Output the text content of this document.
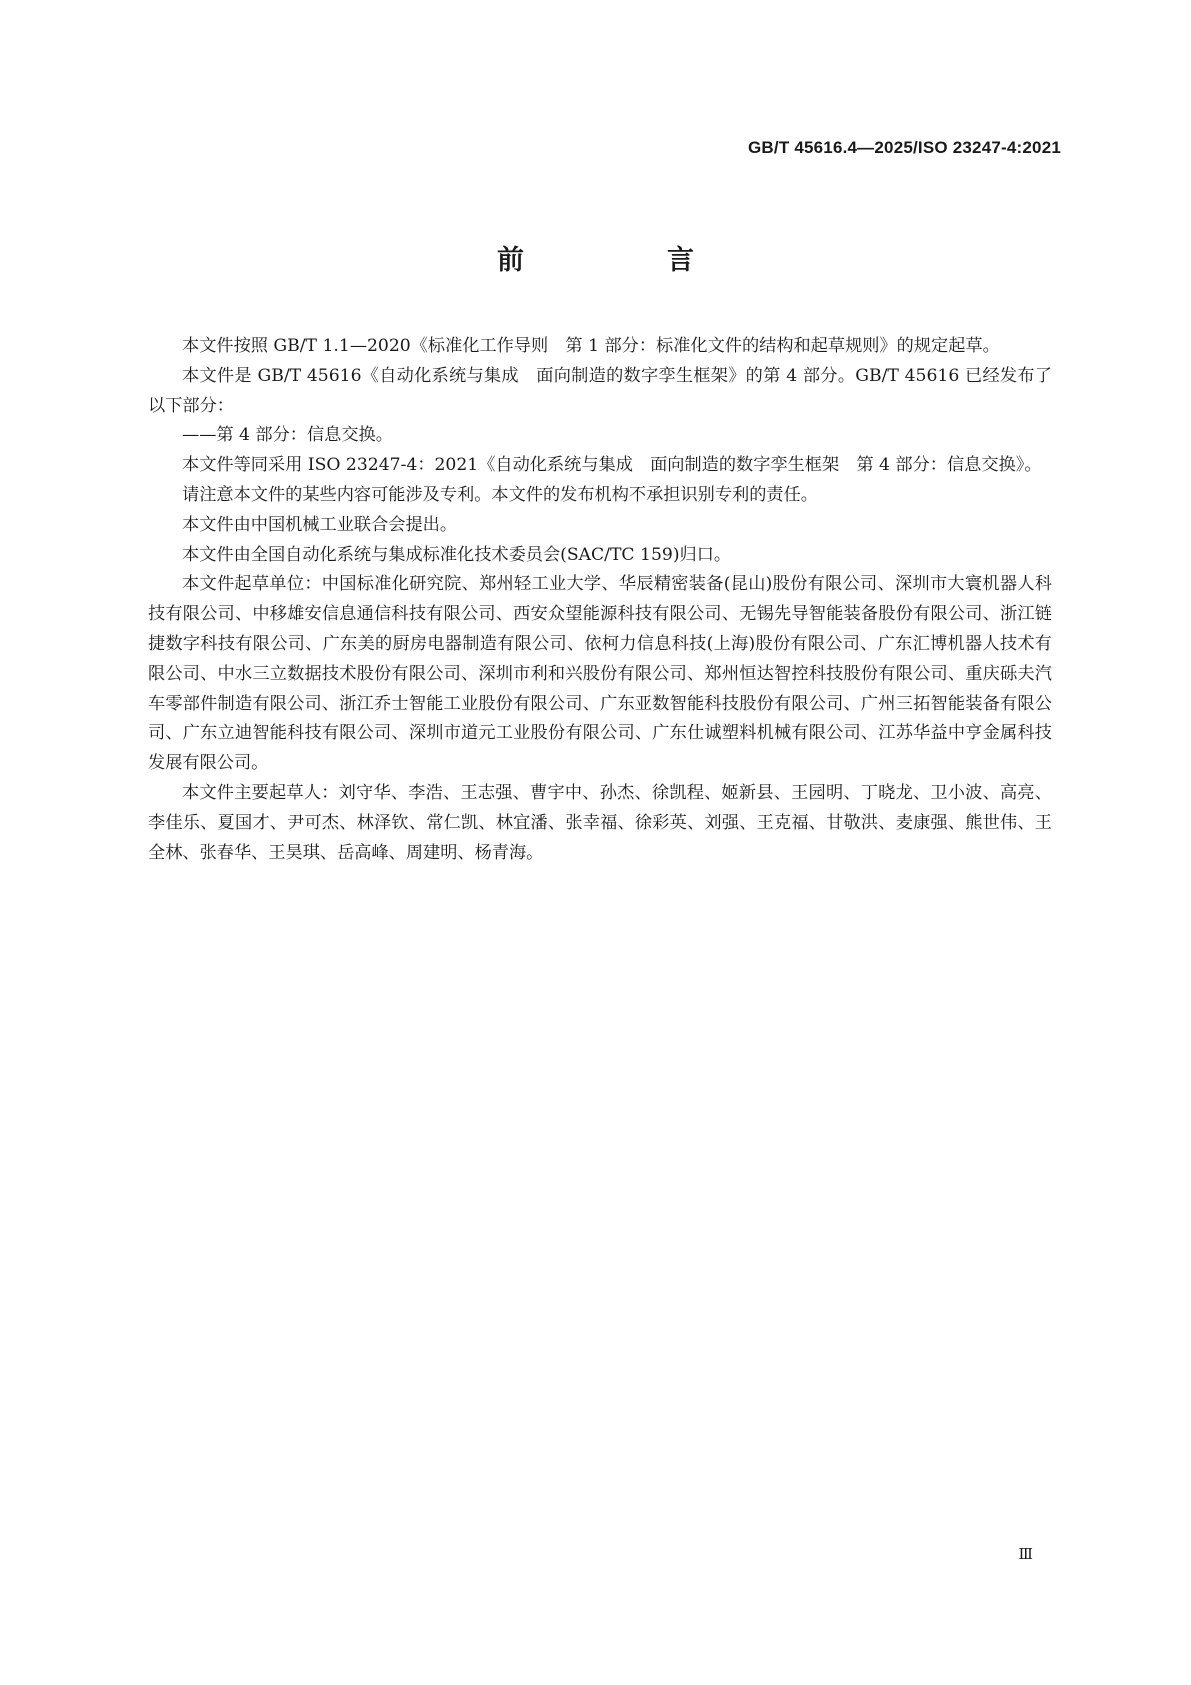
GB/T 45616.4—2025/ISO 23247-4:2021
前　言

本文件按照 GB/T 1.1—2020《标准化工作导则　第 1 部分：标准化文件的结构和起草规则》的规定起草。

本文件是 GB/T 45616《自动化系统与集成　面向制造的数字孪生框架》的第 4 部分。GB/T 45616 已经发布了以下部分：

——第 4 部分：信息交换。

本文件等同采用 ISO 23247-4：2021《自动化系统与集成　面向制造的数字孪生框架　第 4 部分：信息交换》。

请注意本文件的某些内容可能涉及专利。本文件的发布机构不承担识别专利的责任。

本文件由中国机械工业联合会提出。

本文件由全国自动化系统与集成标准化技术委员会(SAC/TC 159)归口。

本文件起草单位：中国标准化研究院、郑州轻工业大学、华辰精密装备(昆山)股份有限公司、深圳市大寰机器人科技有限公司、中移雄安信息通信科技有限公司、西安众望能源科技有限公司、无锡先导智能装备股份有限公司、浙江链捷数字科技有限公司、广东美的厨房电器制造有限公司、依柯力信息科技(上海)股份有限公司、广东汇博机器人技术有限公司、中水三立数据技术股份有限公司、深圳市利和兴股份有限公司、郑州恒达智控科技股份有限公司、重庆砾夫汽车零部件制造有限公司、浙江乔士智能工业股份有限公司、广东亚数智能科技股份有限公司、广州三拓智能装备有限公司、广东立迪智能科技有限公司、深圳市道元工业股份有限公司、广东仕诚塑料机械有限公司、江苏华益中亨金属科技发展有限公司。

本文件主要起草人：刘守华、李浩、王志强、曹宇中、孙杰、徐凯程、姬新县、王园明、丁晓龙、卫小波、高亮、李佳乐、夏国才、尹可杰、林泽钦、常仁凯、林宜潘、张幸福、徐彩英、刘强、王克福、甘敬洪、麦康强、熊世伟、王全林、张春华、王昊琪、岳高峰、周建明、杨青海。

Ⅲ
